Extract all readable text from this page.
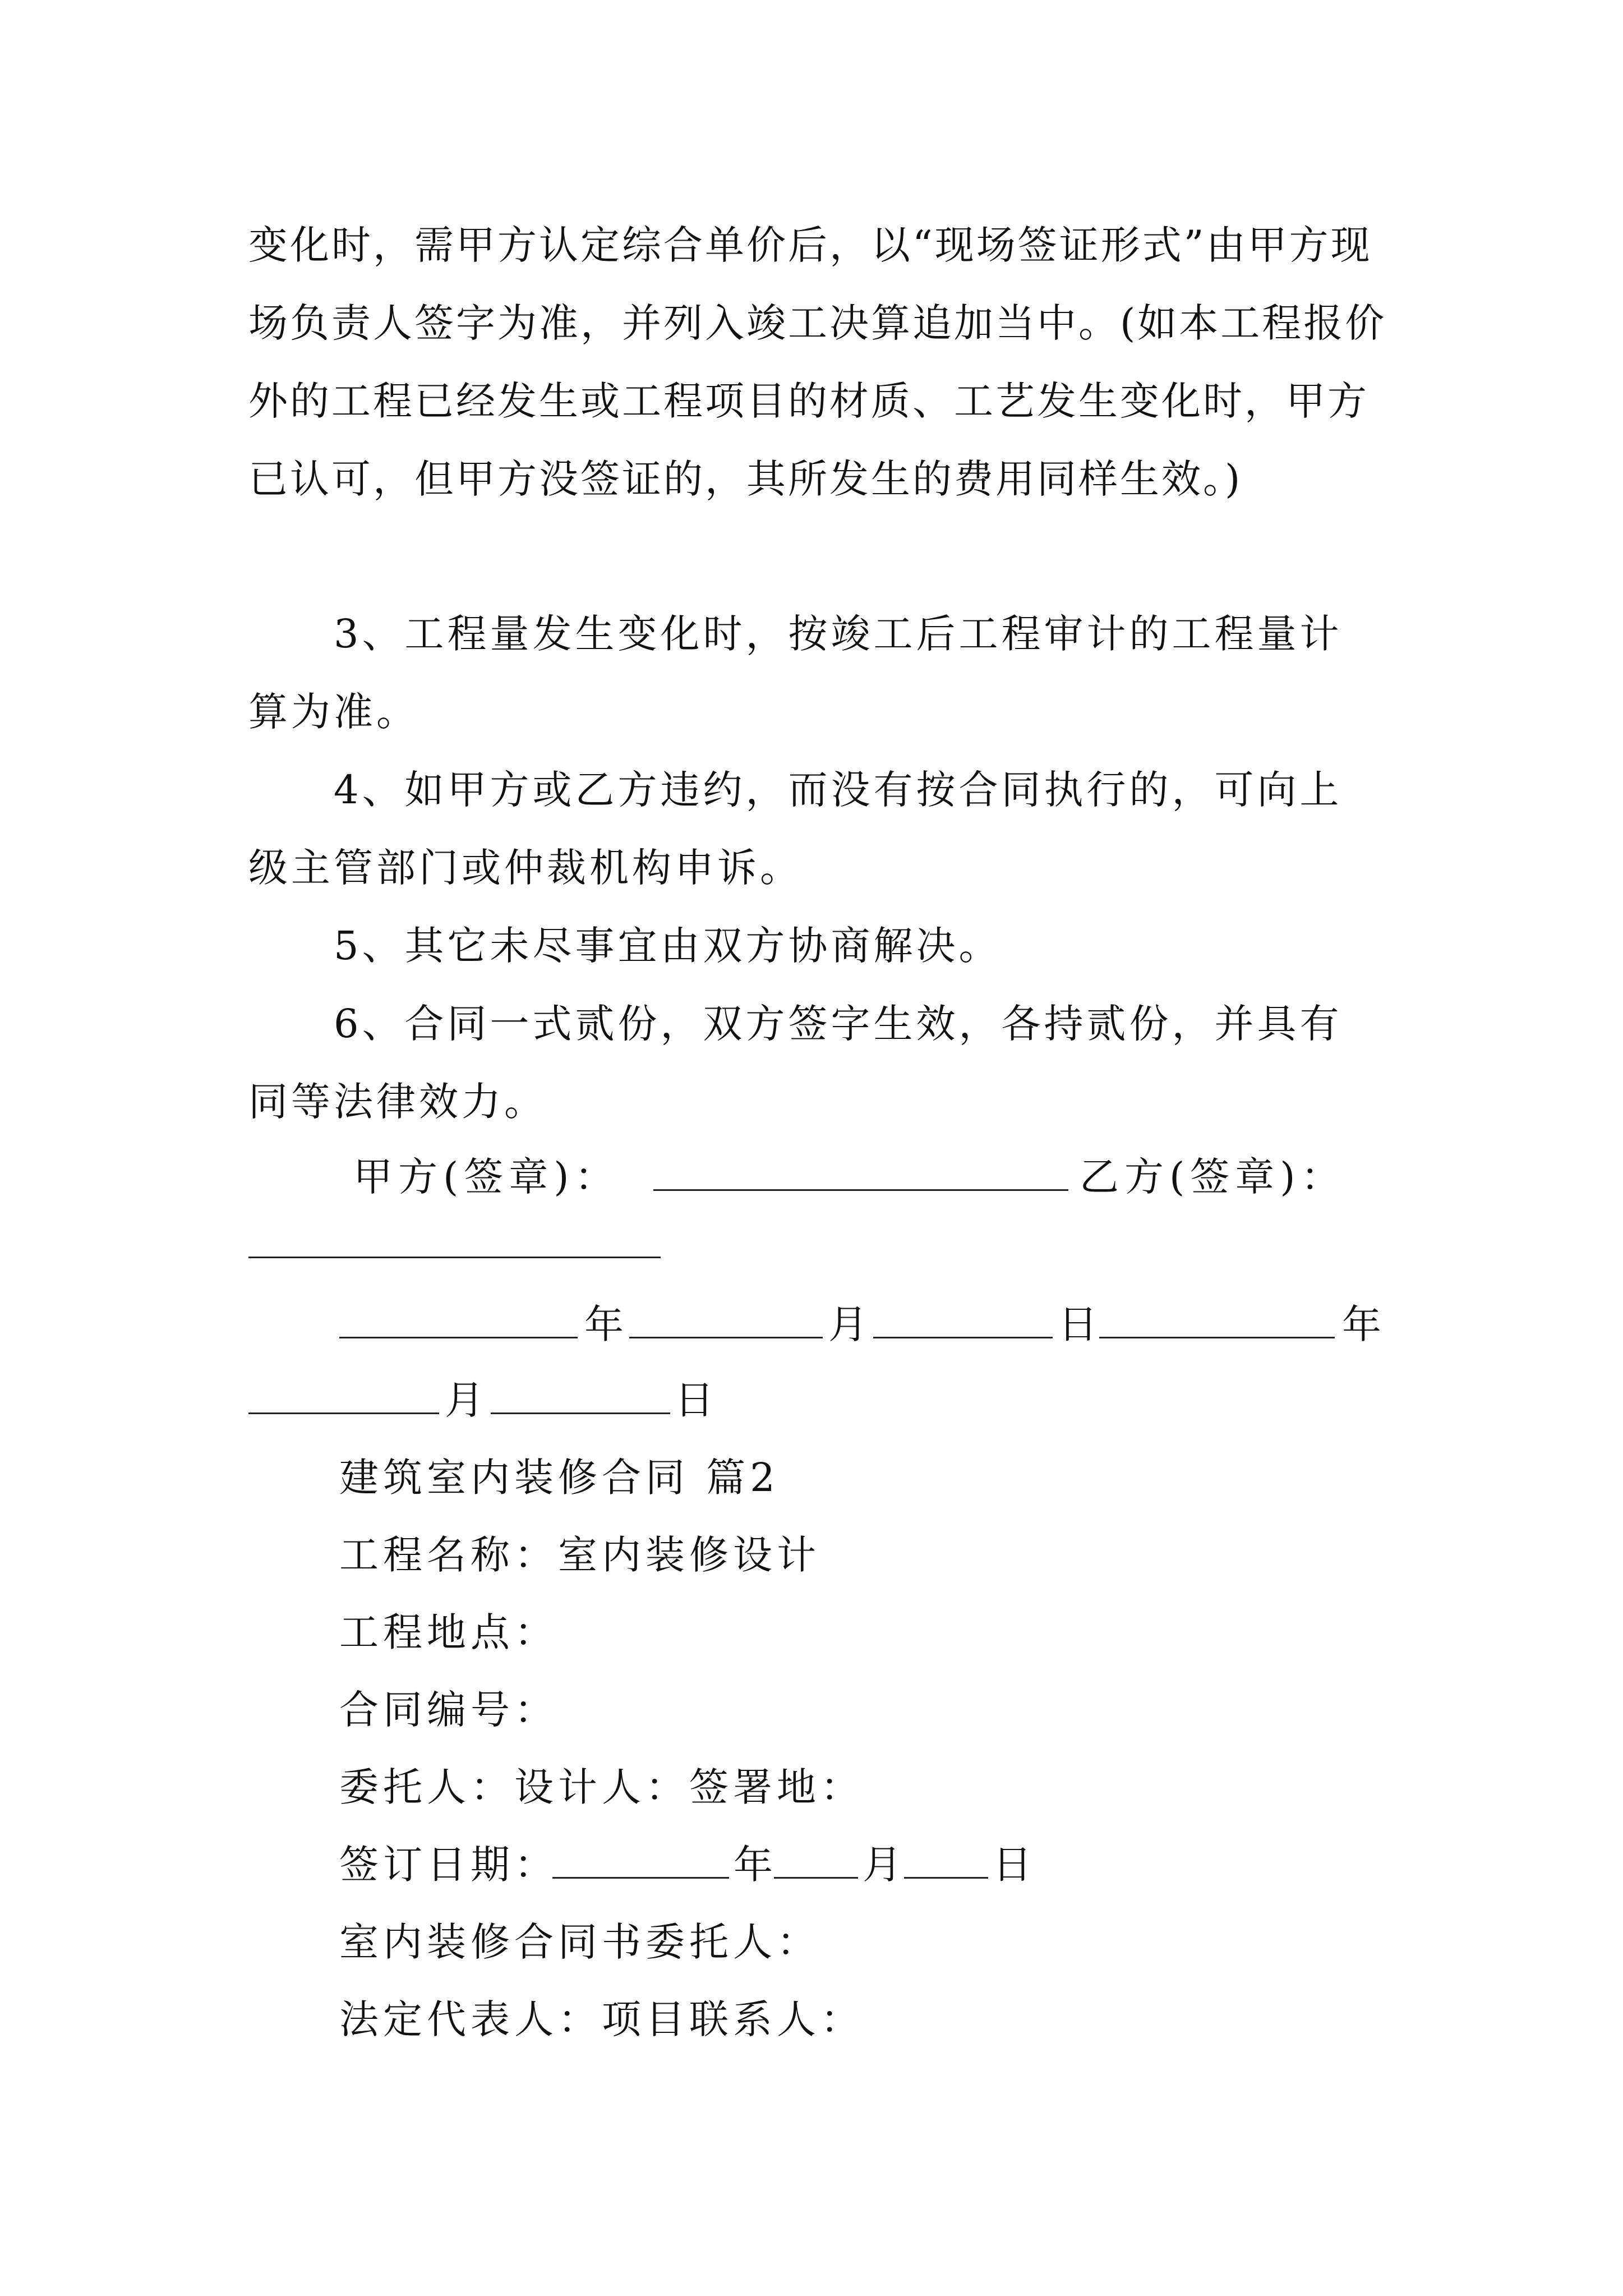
变化时，需甲方认定综合单价后，以“现场签证形式”由甲方现场负责人签字为准，并列入竣工决算追加当中。(如本工程报价外的工程已经发生或工程项目的材质、工艺发生变化时，甲方已认可，但甲方没签证的，其所发生的费用同样生效。)

3、工程量发生变化时，按竣工后工程审计的工程量计

算为准。

4、如甲方或乙方违约，而没有按合同执行的，可向上

级主管部门或仲裁机构申诉。

5、其它未尽事宜由双方协商解决。

6、合同一式贰份，双方签字生效，各持贰份，并具有

同等法律效力。

甲方(签章)：	乙方(签章)：

年	月	日	年

月	日

建筑室内装修合同 篇2

工程名称：室内装修设计

工程地点：

合同编号：

委托人：设计人：签署地：

签订日期：	年 月 日

室内装修合同书委托人：

法定代表人：项目联系人：
